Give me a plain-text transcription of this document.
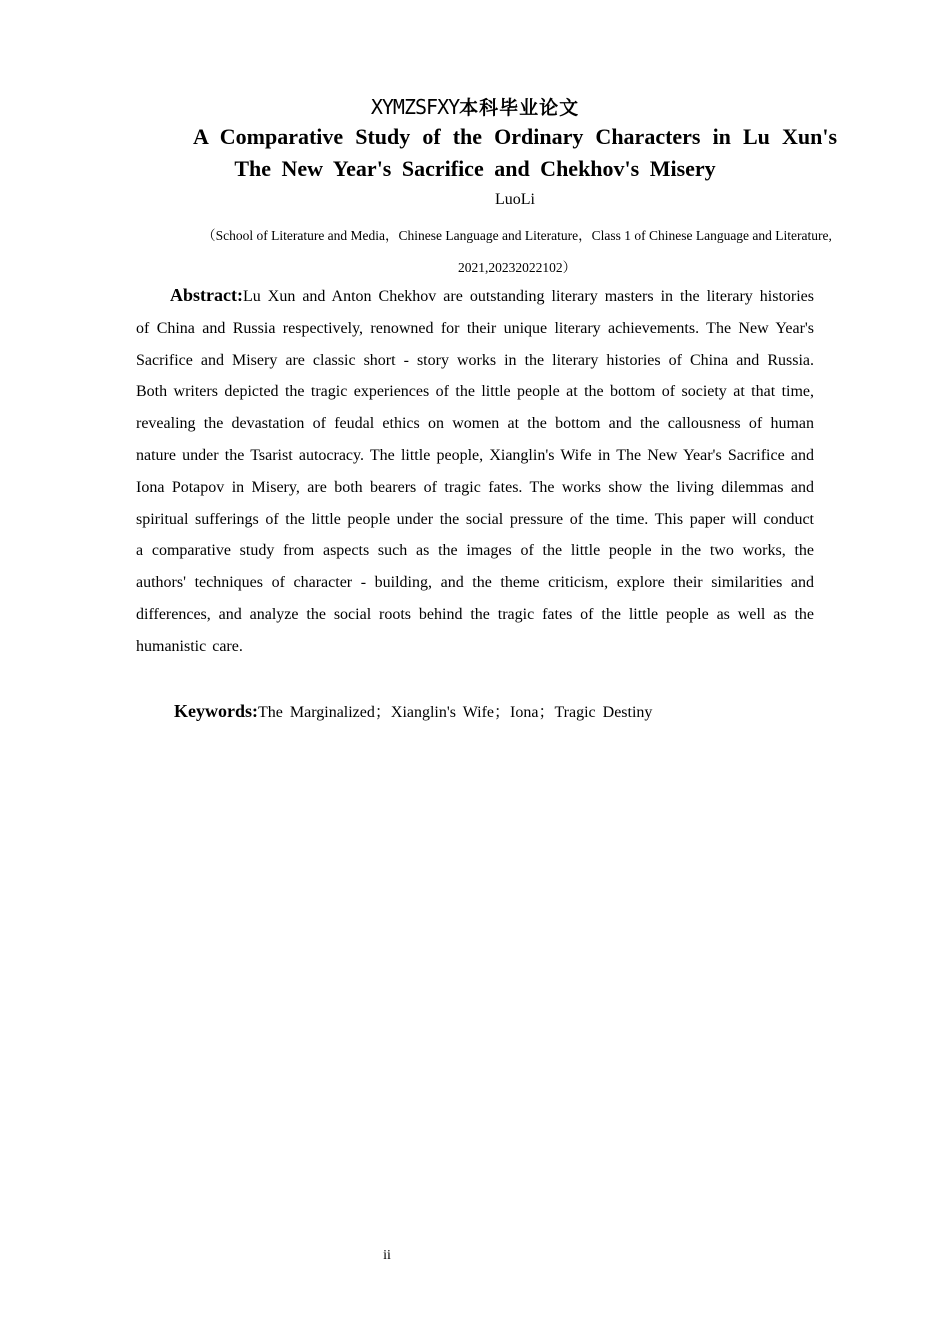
XYMZSFXY本科毕业论文
A Comparative Study of the Ordinary Characters in Lu Xun's
The New Year's Sacrifice and Chekhov's Misery
LuoLi
（School of Literature and Media，Chinese Language and Literature，Class 1 of Chinese Language and Literature,
2021,20232022102）
Abstract:Lu Xun and Anton Chekhov are outstanding literary masters in the literary histories of China and Russia respectively, renowned for their unique literary achievements. The New Year's Sacrifice and Misery are classic short - story works in the literary histories of China and Russia. Both writers depicted the tragic experiences of the little people at the bottom of society at that time, revealing the devastation of feudal ethics on women at the bottom and the callousness of human nature under the Tsarist autocracy. The little people, Xianglin's Wife in The New Year's Sacrifice and Iona Potapov in Misery, are both bearers of tragic fates. The works show the living dilemmas and spiritual sufferings of the little people under the social pressure of the time. This paper will conduct a comparative study from aspects such as the images of the little people in the two works, the authors' techniques of character - building, and the theme criticism, explore their similarities and differences, and analyze the social roots behind the tragic fates of the little people as well as the humanistic care.
Keywords:The Marginalized；Xianglin's Wife；Iona；Tragic Destiny
ii
